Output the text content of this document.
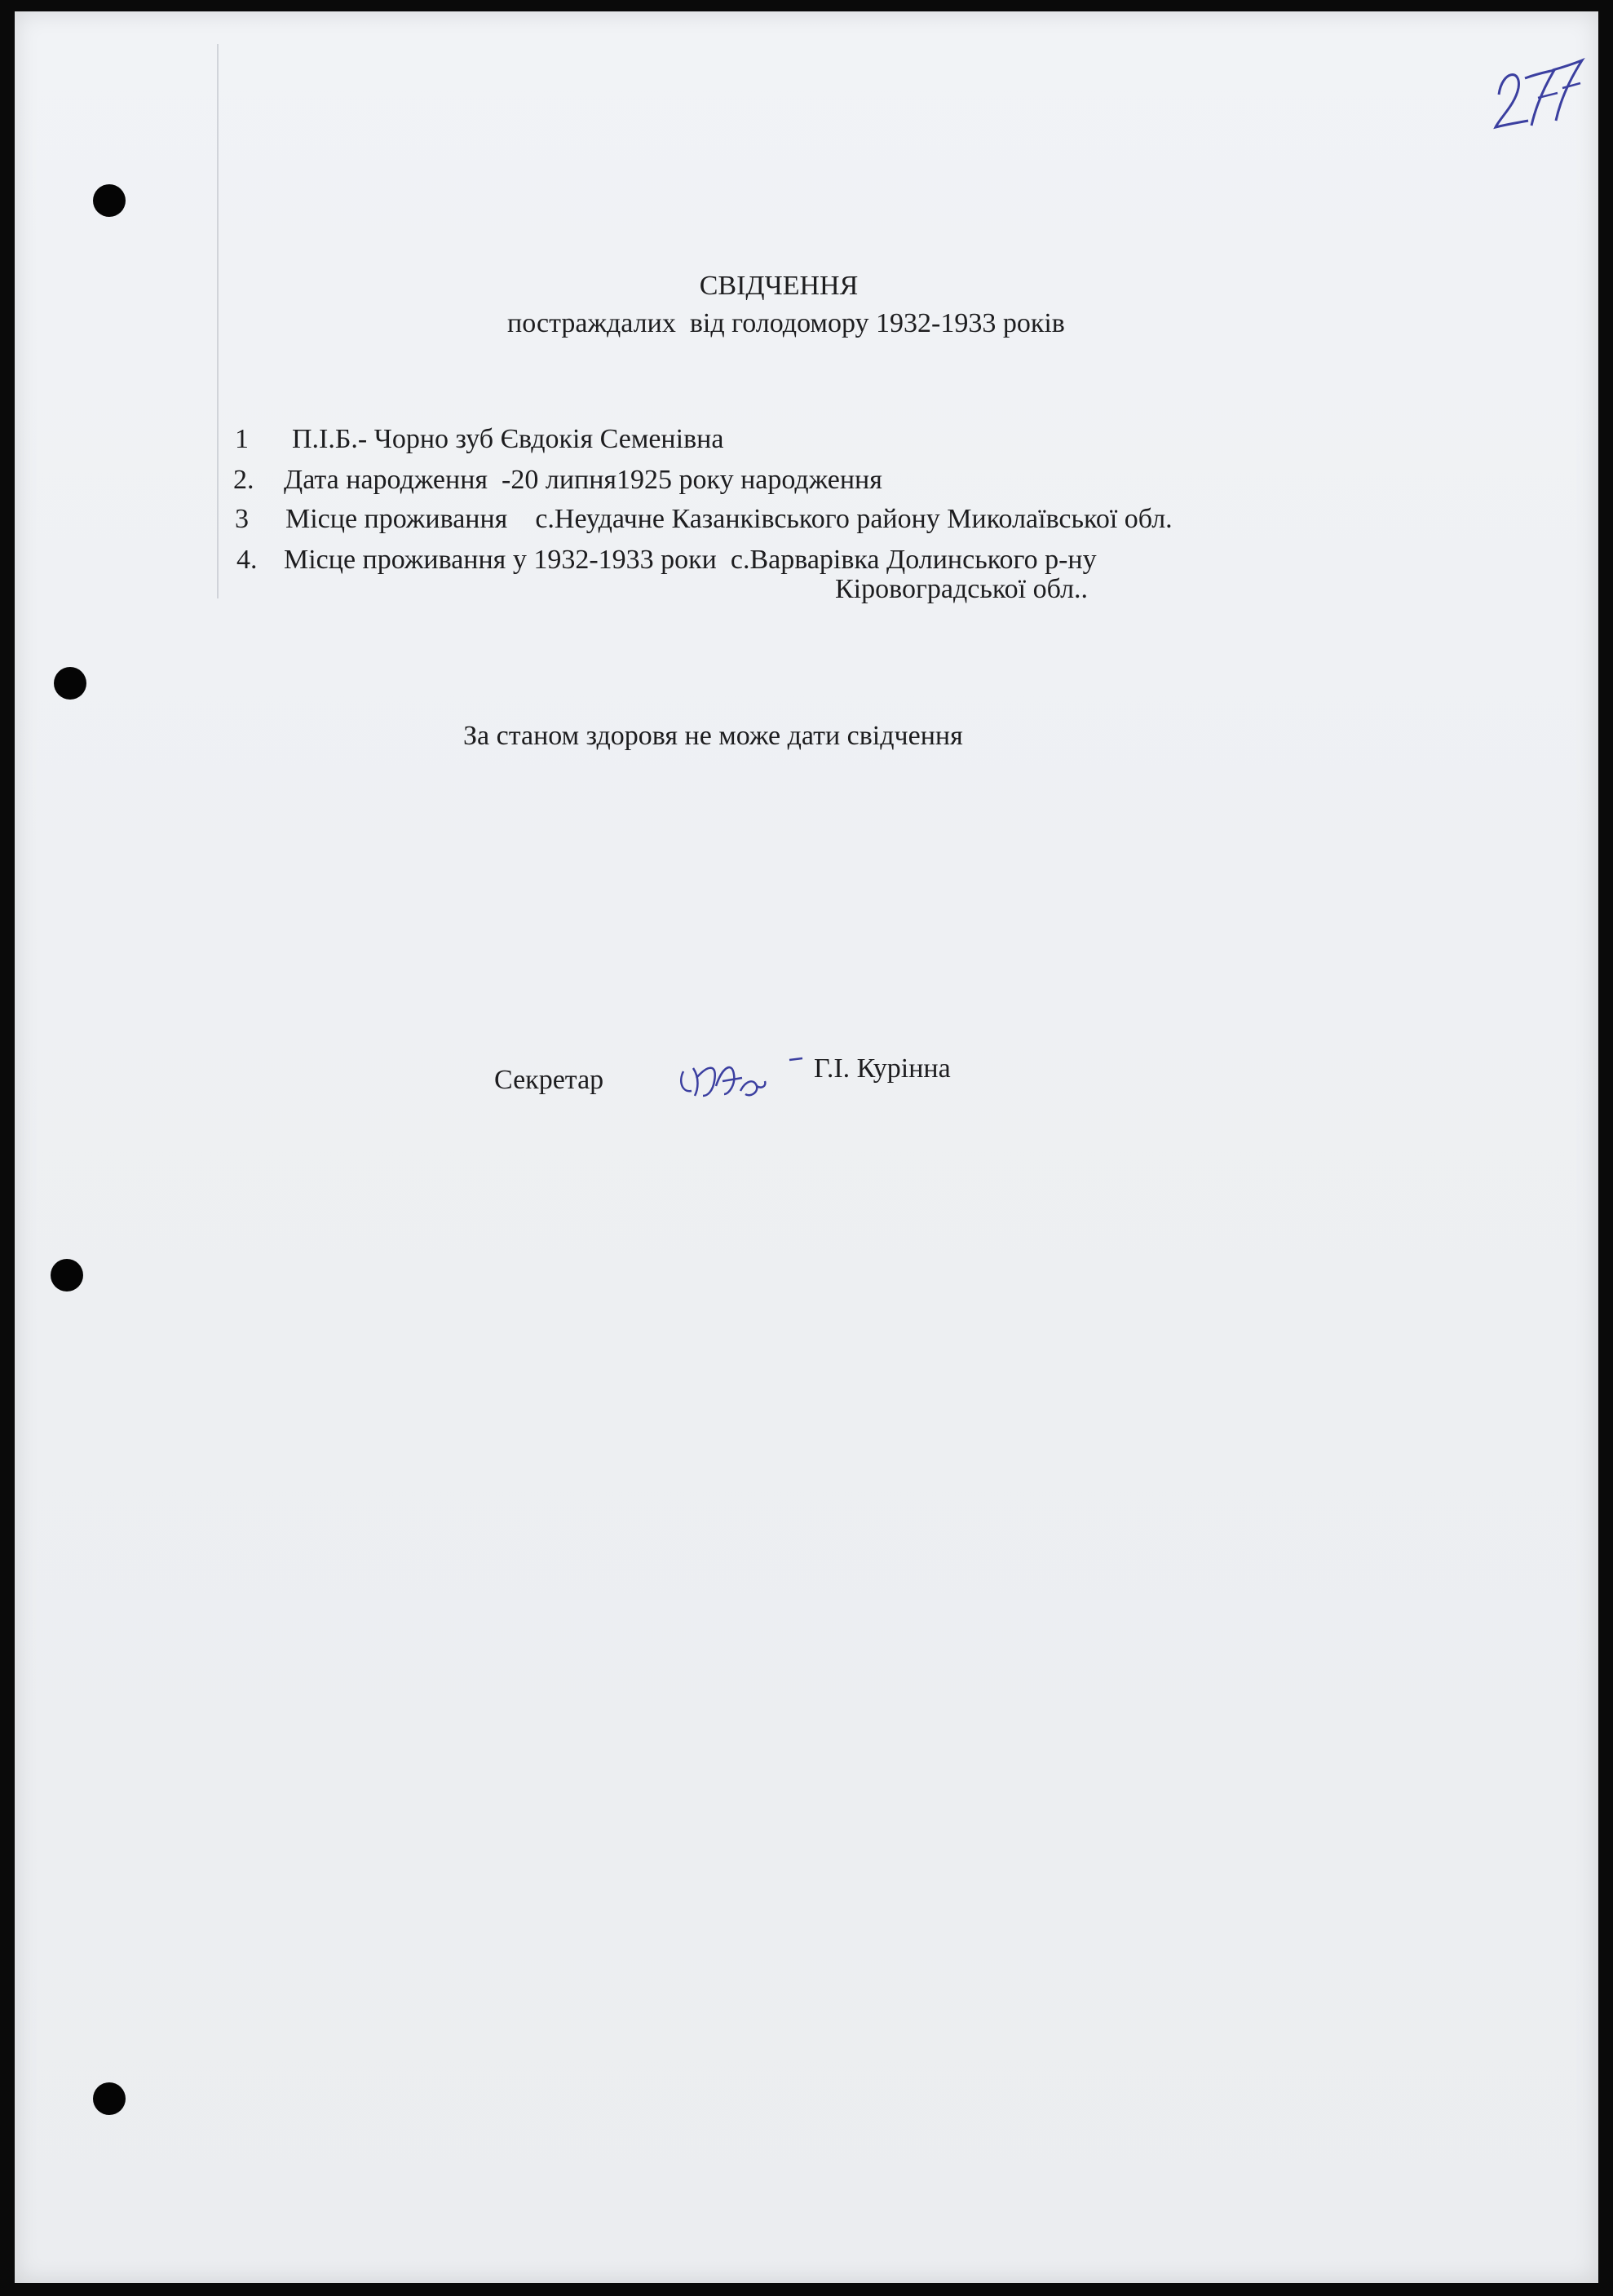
СВІДЧЕННЯ
постраждалих  від голодомору 1932-1933 років

1

П.І.Б.- Чорно зуб Євдокія Семенівна

2.

Дата народження  -20 липня1925 року народження

3

Місце проживання    с.Неудачне Казанківського району Миколаївської обл.

4.

Місце проживання у 1932-1933 роки  с.Варварівка Долинського р-ну

Кіровоградської обл..
За станом здоровя не може дати свідчення
Секретар	Г.І. Курінна
